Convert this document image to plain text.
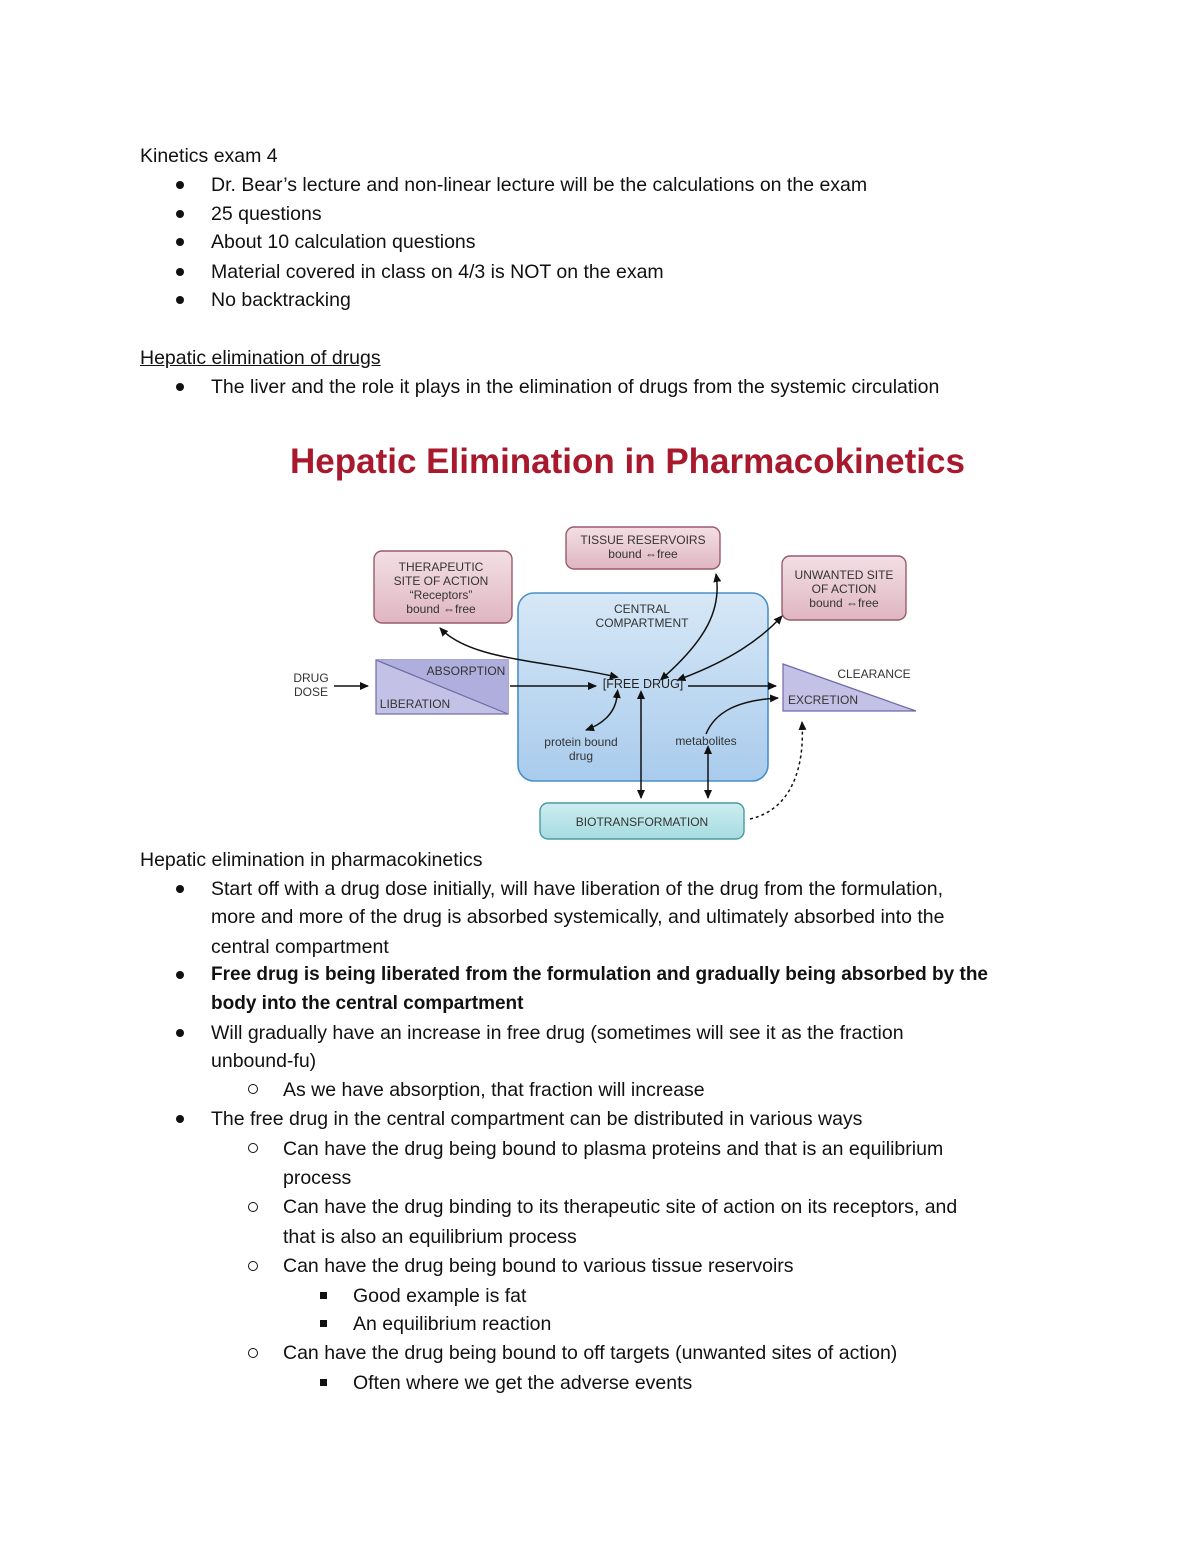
Kinetics exam 4
Dr. Bear’s lecture and non-linear lecture will be the calculations on the exam
25 questions
About 10 calculation questions
Material covered in class on 4/3 is NOT on the exam
No backtracking
Hepatic elimination of drugs
The liver and the role it plays in the elimination of drugs from the systemic circulation
Hepatic Elimination in Pharmacokinetics
CENTRAL
COMPARTMENT
[FREE DRUG]
protein bound
drug
metabolites
THERAPEUTIC
SITE OF ACTION
“Receptors”
bound ⇔free
TISSUE RESERVOIRS
bound ⇔free
UNWANTED SITE
OF ACTION
bound ⇔free
ABSORPTION
LIBERATION
DRUG
DOSE
CLEARANCE
EXCRETION
BIOTRANSFORMATION
Hepatic elimination in pharmacokinetics
Start off with a drug dose initially, will have liberation of the drug from the formulation,
more and more of the drug is absorbed systemically, and ultimately absorbed into the
central compartment
Free drug is being liberated from the formulation and gradually being absorbed by the
body into the central compartment
Will gradually have an increase in free drug (sometimes will see it as the fraction
unbound-fu)
As we have absorption, that fraction will increase
The free drug in the central compartment can be distributed in various ways
Can have the drug being bound to plasma proteins and that is an equilibrium
process
Can have the drug binding to its therapeutic site of action on its receptors, and
that is also an equilibrium process
Can have the drug being bound to various tissue reservoirs
Good example is fat
An equilibrium reaction
Can have the drug being bound to off targets (unwanted sites of action)
Often where we get the adverse events
